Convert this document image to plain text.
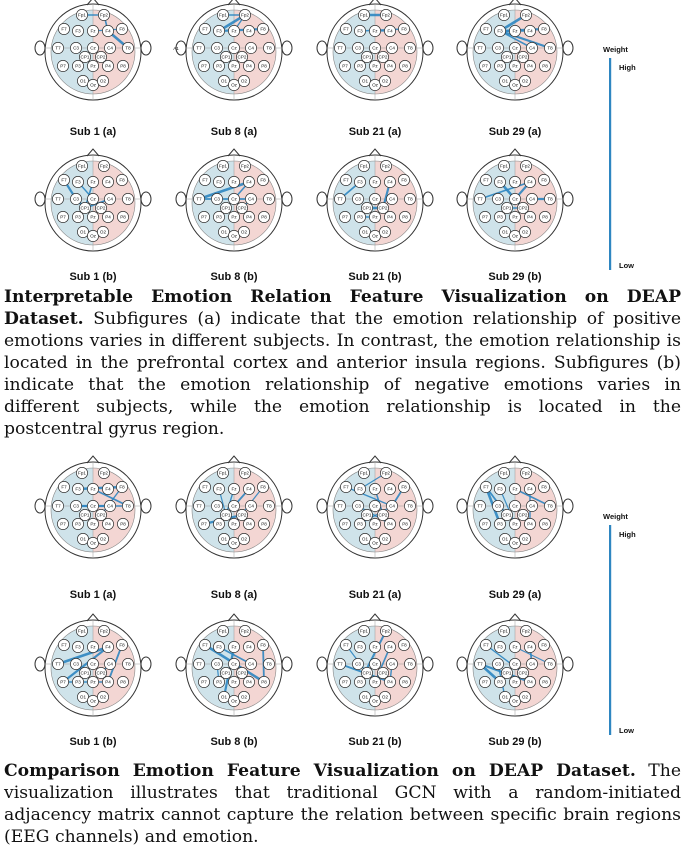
Fp1	Fp2
F7 F3 Fz F4 F8
T7	C3 Cz C4	T8
CP1 CP2
P7 P3 Pz P4 P8
O1
Oz
O2
Sub 1 (a)
Fp1	Fp2
F7 F3 Fz F4 F8
T7	C3 Cz C4	T8
CP1 CP2
P7 P3 Pz P4 P8
O1
Oz
O2
Sub 1 (b)
Fp1	Fp2
F7 F3 Fz F4 F8
T7	C3 Cz C4	T8
CP1 CP2
P7 P3 Pz P4 P8
O1
Oz
O2
A1
Sub 8 (a)
Fp1	Fp2
F7 F3 Fz F4 F8
T7	C3 Cz C4	T8
CP1 CP2
P7 P3 Pz P4 P8
O1
Oz
O2
Sub 8 (b)
Fp1	Fp2
F7 F3 Fz F4 F8
T7	C3 Cz C4	T8
CP1 CP2
P7 P3 Pz P4 P8
O1
Oz
O2
Sub 21 (a)
Fp1	Fp2
F7 F3 Fz F4 F8
T7	C3 Cz C4	T8
CP1 CP2
P7 P3 Pz P4 P8
O1
Oz
O2
Sub 21 (b)
Fp1	Fp2
F7 F3 Fz F4 F8
T7	C3 Cz C4	T8
CP1 CP2
P7 P3 Pz P4 P8
O1
Oz
O2
Sub 29 (a)
Fp1	Fp2
F7 F3 Fz F4 F8
T7	C3 Cz C4	T8
CP1 CP2
P7 P3 Pz P4 P8
O1
Oz
O2
Sub 29 (b)
Weight
High
Low

Interpretable Emotion Relation Feature Visualization on DEAP Dataset. Subfigures (a) indicate that the emotion relationship of positive emotions varies in different subjects. In contrast, the emotion relationship is located in the prefrontal cortex and anterior insula regions. Subfigures (b) indicate that the emotion relationship of negative emotions varies in different subjects, while the emotion relationship is located in the postcentral gyrus region.

Fp1	Fp2
F7 F3 Fz F4 F8
T7	C3 Cz C4	T8
CP1 CP2
P7 P3 Pz P4 P8
O1
Oz
O2
Sub 1 (a)
Fp1	Fp2
F7 F3 Fz F4 F8
T7	C3 Cz C4	T8
CP1 CP2
P7 P3 Pz P4 P8
O1
Oz
O2
Sub 1 (b)
Fp1	Fp2
F7 F3 Fz F4 F8
T7	C3 Cz C4	T8
CP1 CP2
P7 P3 Pz P4 P8
O1
Oz
O2
Sub 8 (a)
Fp1	Fp2
F7 F3 Fz F4 F8
T7	C3 Cz C4	T8
CP1 CP2
P7 P3 Pz P4 P8
O1
Oz
O2
Sub 8 (b)
Fp1	Fp2
F7 F3 Fz F4 F8
T7	C3 Cz C4	T8
CP1 CP2
P7 P3 Pz P4 P8
O1
Oz
O2
Sub 21 (a)
Fp1	Fp2
F7 F3 Fz F4 F8
T7	C3 Cz C4	T8
CP1 CP2
P7 P3 Pz P4 P8
O1
Oz
O2
Sub 21 (b)
Fp1	Fp2
F7 F3 Fz F4 F8
T7	C3 Cz C4	T8
CP1 CP2
P7 P3 Pz P4 P8
O1
Oz
O2
Sub 29 (a)
Fp1	Fp2
F7 F3 Fz F4 F8
T7	C3 Cz C4	T8
CP1 CP2
P7 P3 Pz P4 P8
O1
Oz
O2
Sub 29 (b)
Weight
High
Low

Comparison Emotion Feature Visualization on DEAP Dataset. The visualization illustrates that traditional GCN with a random-initiated adjacency matrix cannot capture the relation between specific brain regions (EEG channels) and emotion.
